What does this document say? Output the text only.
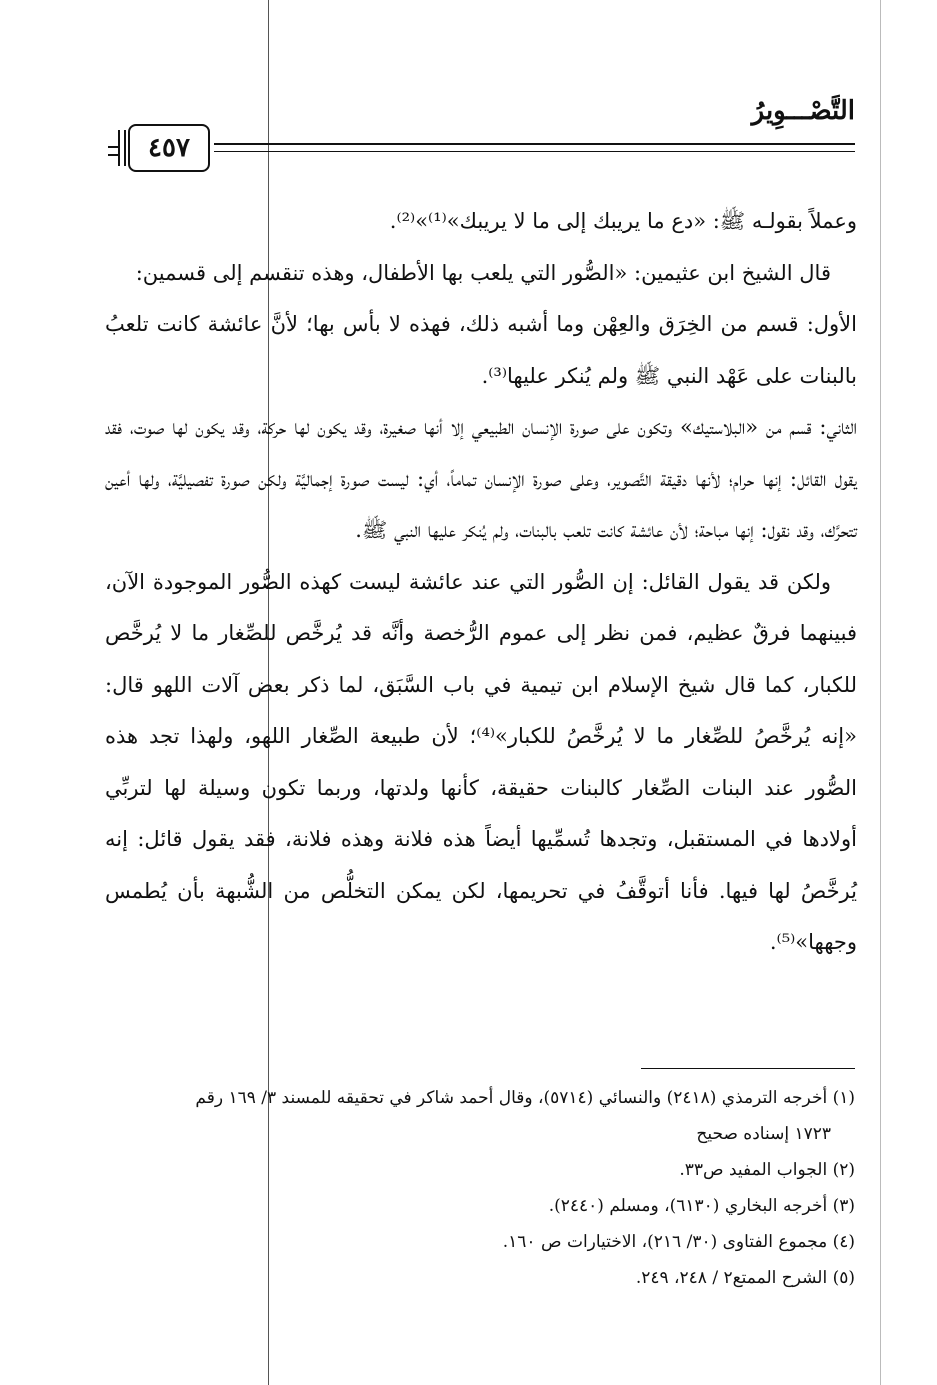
التَّصْـــوِيرُ
٤٥٧

وعملاً بقولـه ﷺ: «دع ما يريبك إلى ما لا يريبك»⁽¹⁾»⁽²⁾.

قال الشيخ ابن عثيمين: «الصُّور التي يلعب بها الأطفال، وهذه تنقسم إلى قسمين:

الأول: قسم من الخِرَق والعِهْن وما أشبه ذلك، فهذه لا بأس بها؛ لأنَّ عائشة كانت تلعبُ بالبنات على عَهْد النبي ﷺ ولم يُنكر عليها⁽³⁾.

الثاني: قسم من «البلاستيك» وتكون على صورة الإنسان الطبيعي إلا أنها صغيرة، وقد يكون لها حركة، وقد يكون لها صوت، فقد يقول القائل: إنها حرام؛ لأنها دقيقة التَّصوير، وعلى صورة الإنسان تماماً، أي: ليست صورة إجماليَّة ولكن صورة تفصيليَّة، ولها أعين تتحرَّك، وقد نقول: إنها مباحة؛ لأن عائشة كانت تلعب بالبنات، ولم يُنكر عليها النبي ﷺ.

ولكن قد يقول القائل: إن الصُّور التي عند عائشة ليست كهذه الصُّور الموجودة الآن، فبينهما فرقٌ عظيم، فمن نظر إلى عموم الرُّخصة وأنَّه قد يُرخَّص للصِّغار ما لا يُرخَّص للكبار، كما قال شيخ الإسلام ابن تيمية في باب السَّبَق، لما ذكر بعض آلات اللهو قال: «إنه يُرخَّصُ للصِّغار ما لا يُرخَّصُ للكبار»⁽⁴⁾؛ لأن طبيعة الصِّغار اللهو، ولهذا تجد هذه الصُّور عند البنات الصِّغار كالبنات حقيقة، كأنها ولدتها، وربما تكون وسيلة لها لتربِّي أولادها في المستقبل، وتجدها تُسمِّيها أيضاً هذه فلانة وهذه فلانة، فقد يقول قائل: إنه يُرخَّصُ لها فيها. فأنا أتوقَّفُ في تحريمها، لكن يمكن التخلُّص من الشُّبهة بأن يُطمس وجهها»⁽⁵⁾.

(١) أخرجه الترمذي (٢٤١٨) والنسائي (٥٧١٤)، وقال أحمد شاكر في تحقيقه للمسند ٣/ ١٦٩ رقم

١٧٢٣ إسناده صحيح

(٢) الجواب المفيد ص٣٣.

(٣) أخرجه البخاري (٦١٣٠)، ومسلم (٢٤٤٠).

(٤) مجموع الفتاوى (٣٠/ ٢١٦)، الاختيارات ص ١٦٠.

(٥) الشرح الممتع٢ / ٢٤٨، ٢٤٩.
